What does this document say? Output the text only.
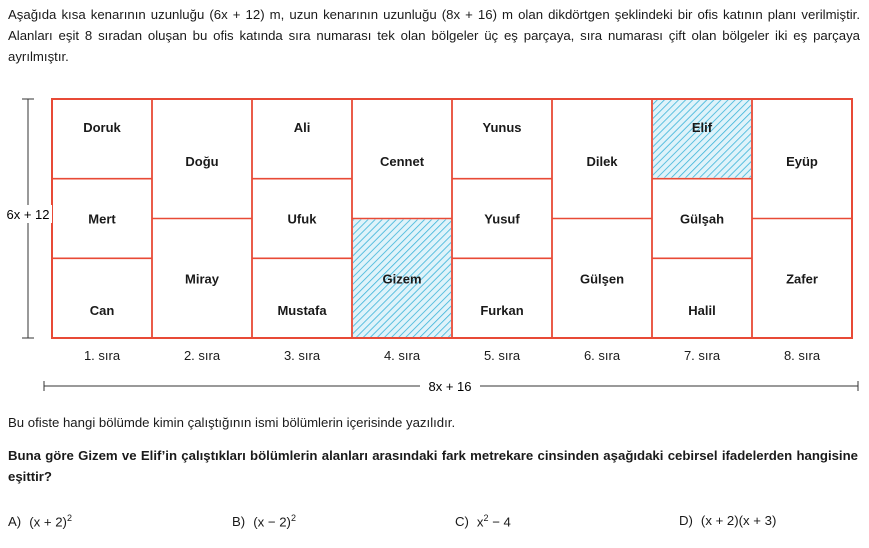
Aşağıda kısa kenarının uzunluğu (6x + 12) m, uzun kenarının uzunluğu (8x + 16) m olan dikdörtgen şeklindeki bir ofis katının planı verilmiştir. Alanları eşit 8 sıradan oluşan bu ofis katında sıra numarası tek olan bölgeler üç eş parçaya, sıra numarası çift olan bölgeler iki eş parçaya ayrılmıştır.

Doruk
Mert
Can
1. sıra
Doğu
Miray
2. sıra
Ali
Ufuk
Mustafa
3. sıra
Cennet
Gizem
4. sıra
Yunus
Yusuf
Furkan
5. sıra
Dilek
Gülşen
6. sıra
Elif
Gülşah
Halil
7. sıra
Eyüp
Zafer
8. sıra
6x + 12
8x + 16

Bu ofiste hangi bölümde kimin çalıştığının ismi bölümlerin içerisinde yazılıdır.

Buna göre Gizem ve Elif’in çalıştıkları bölümlerin alanları arasındaki fark metrekare cinsinden aşağıdaki cebirsel ifadelerden hangisine eşittir?

A) $(x + 2)^2$	B) $(x - 2)^2$	C) $x^2 - 4$	D) (x + 2)(x + 3)
